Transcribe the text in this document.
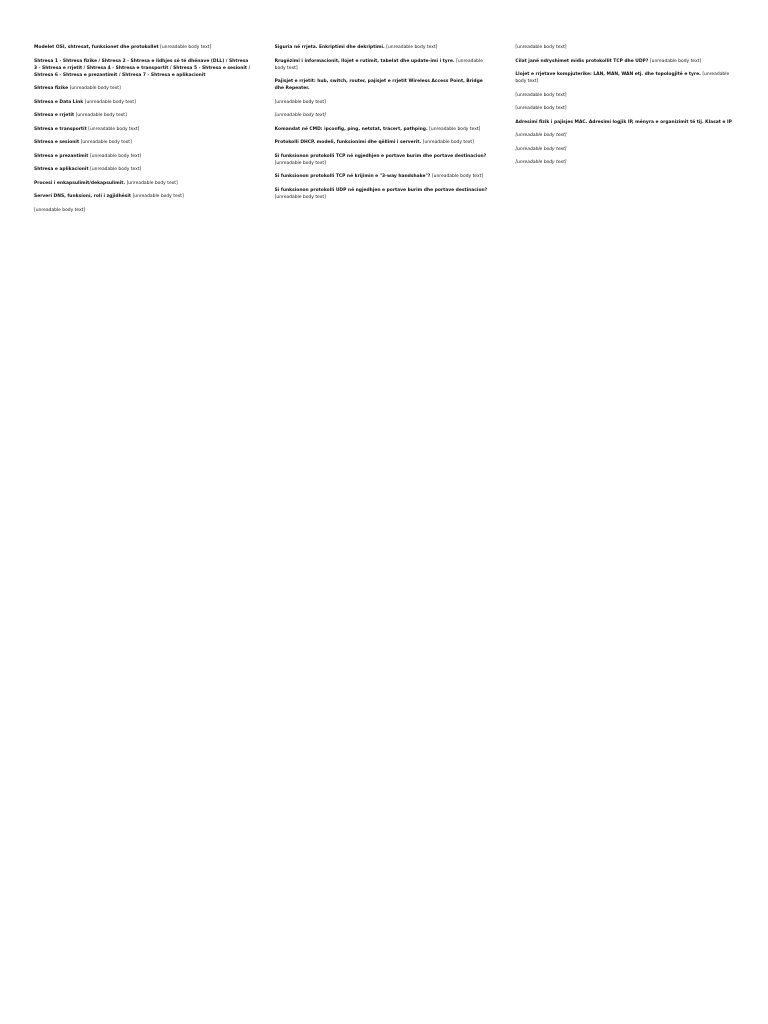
Modelet OSI, shtresat, funksionet dhe protokollet [unreadable body text]

Shtresa 1 - Shtresa fizike / Shtresa 2 - Shtresa e lidhjes së të dhënave (DLL) / Shtresa 3 - Shtresa e rrjetit / Shtresa 4 - Shtresa e transportit / Shtresa 5 - Shtresa e sesionit / Shtresa 6 - Shtresa e prezantimit / Shtresa 7 - Shtresa e aplikacionit

Shtresa fizike [unreadable body text]

Shtresa e Data Link [unreadable body text]

Shtresa e rrjetit [unreadable body text]

Shtresa e transportit [unreadable body text]

Shtresa e sesionit [unreadable body text]

Shtresa e prezantimit [unreadable body text]

Shtresa e aplikacionit [unreadable body text]

Procesi i enkapsulimit/dekapsulimit. [unreadable body text]

Serveri DNS, funksioni, roli i zgjidhësit [unreadable body text]

[unreadable body text]

Siguria në rrjeta. Enkriptimi dhe dekriptimi. [unreadable body text]

Rrugëzimi i informacionit, llojet e rutimit, tabelat dhe update-imi i tyre. [unreadable body text]

Pajisjet e rrjetit: hub, switch, router, pajisjet e rrjetit Wireless Access Point, Bridge dhe Repeater.

[unreadable body text]

[unreadable body text]

Komandat në CMD: ipconfig, ping, netstat, tracert, pathping. [unreadable body text]

Protokolli DHCP, modeli, funksionimi dhe qëllimi i serverit. [unreadable body text]

Si funksionon protokolli TCP në ngjedhjen e portave burim dhe portave destinacion? [unreadable body text]

Si funksionon protokolli TCP në krijimin e "3-way handshake"? [unreadable body text]

Si funksionon protokolli UDP në ngjedhjen e portave burim dhe portave destinacion? [unreadable body text]

[unreadable body text]

Cilat janë ndryshimet midis protokollit TCP dhe UDP? [unreadable body text]

Llojet e rrjetave kompjuterike: LAN, MAN, WAN etj. dhe topologjitë e tyre. [unreadable body text]

[unreadable body text]

[unreadable body text]

Adresimi fizik i pajisjes MAC. Adresimi logjik IP, mënyra e organizimit të tij. Klasat e IP

[unreadable body text]

[unreadable body text]

[unreadable body text]
